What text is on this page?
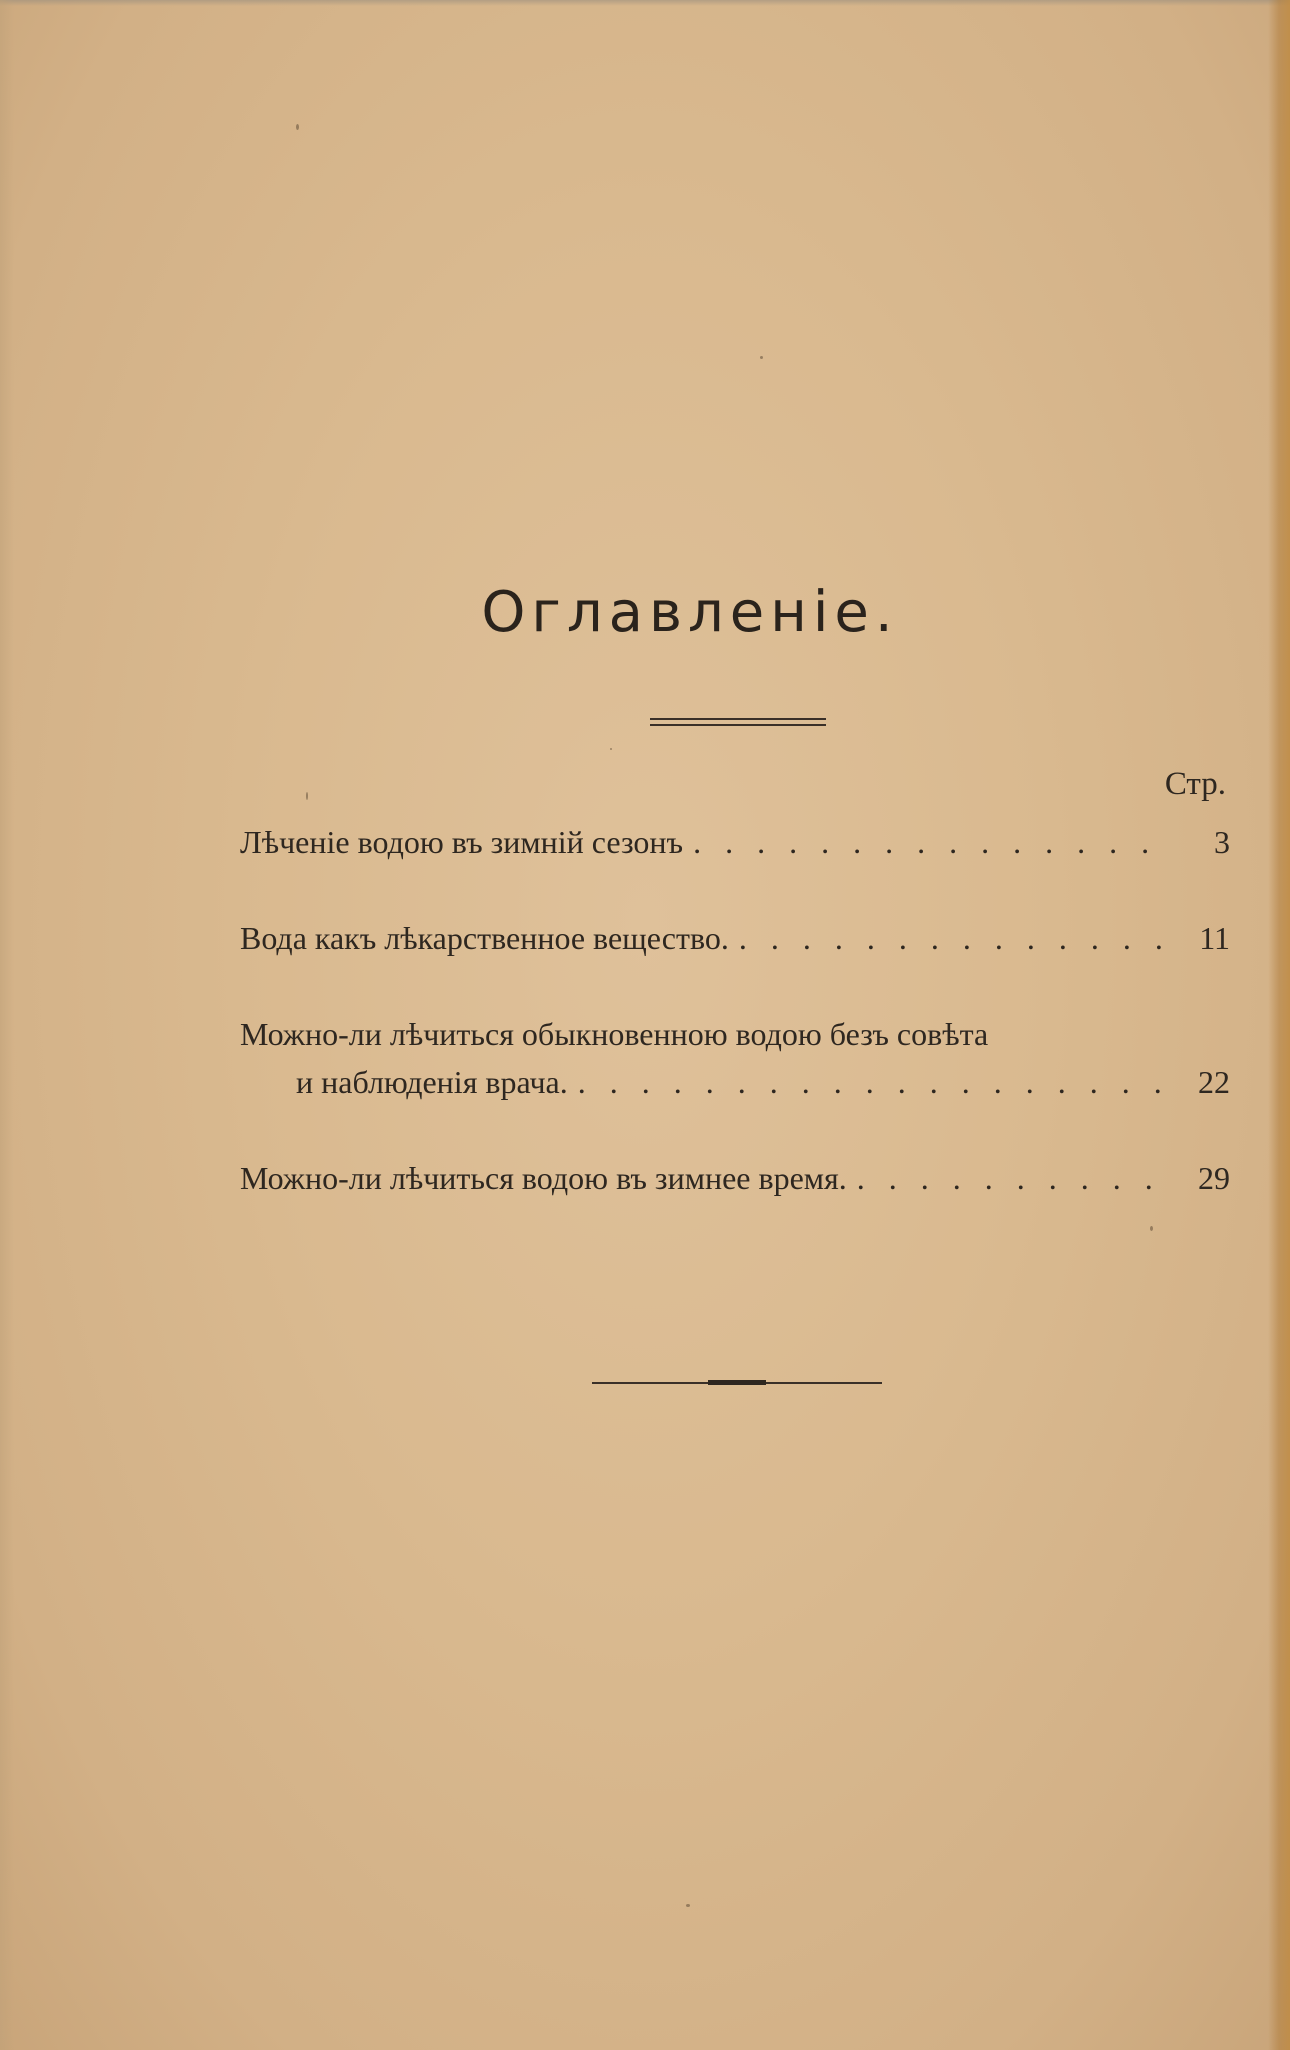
Оглавленіе.
Стр.
Лѣченіе водою въ зимній сезонъ . . .	3
Вода какъ лѣкарственное вещество. . . .	11
Можно-ли лѣчиться обыкновенною водою безъ совѣта
и наблюденія врача. . . .	22
Можно-ли лѣчиться водою въ зимнее время. . . .	29
